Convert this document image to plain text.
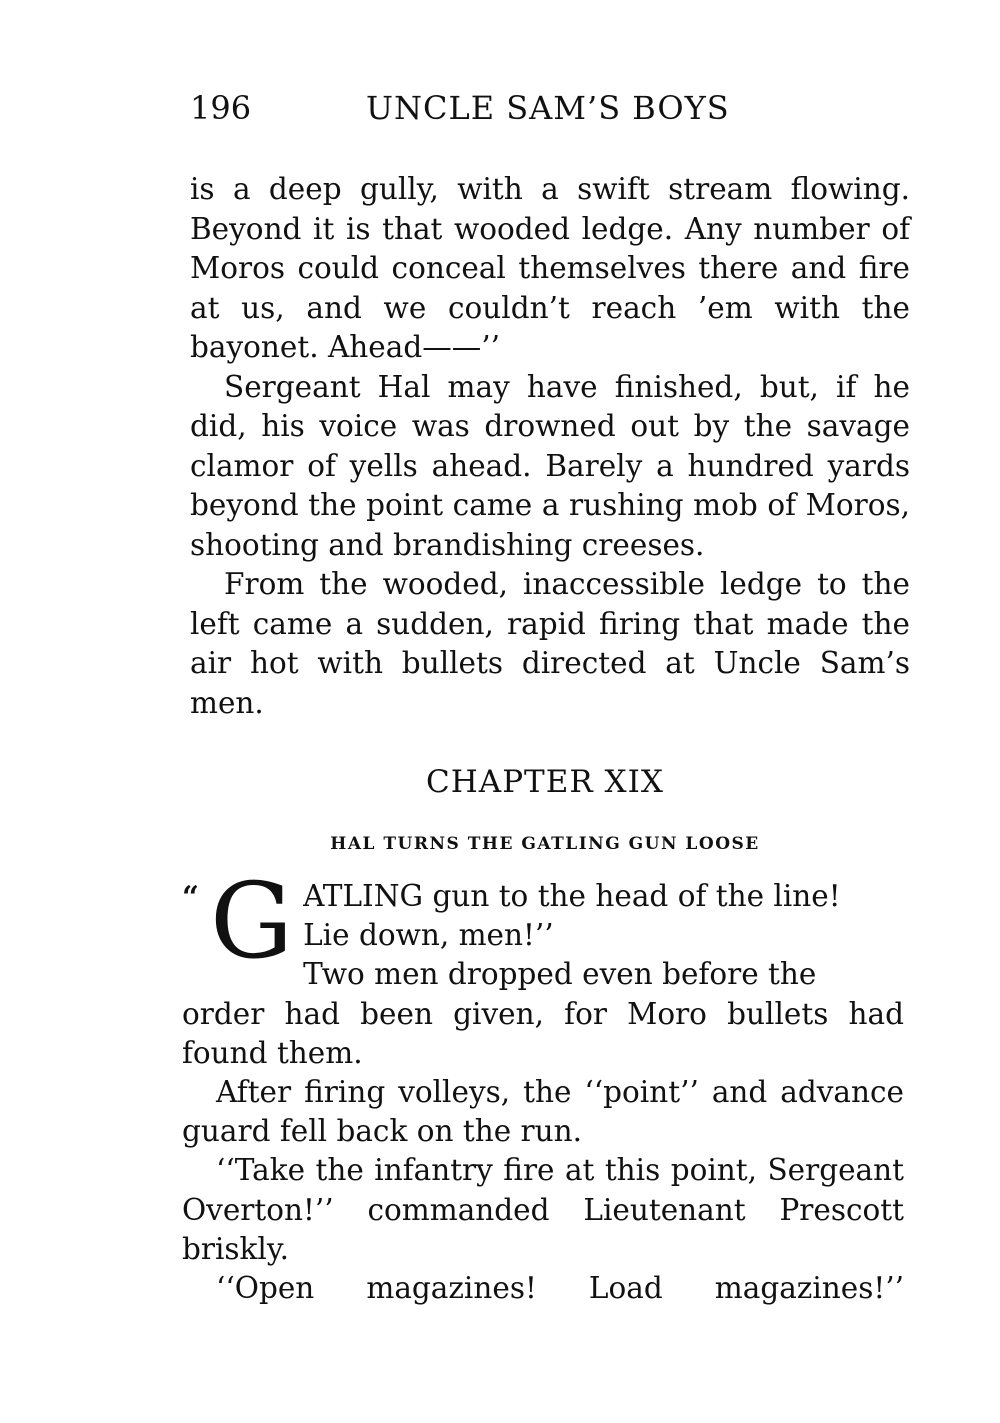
196	UNCLE SAM’S BOYS

is a deep gully, with a swift stream flowing. Beyond it is that wooded ledge. Any number of Moros could conceal themselves there and fire at us, and we couldn’t reach ’em with the bayonet. Ahead——’’

Sergeant Hal may have finished, but, if he did, his voice was drowned out by the savage clamor of yells ahead. Barely a hundred yards beyond the point came a rushing mob of Moros, shooting and brandishing creeses.

From the wooded, inaccessible ledge to the left came a sudden, rapid firing that made the air hot with bullets directed at Uncle Sam’s men.

CHAPTER XIX
HAL TURNS THE GATLING GUN LOOSE
“ G ATLING gun to the head of the line!
Lie down, men!’’
Two men dropped even before the

order had been given, for Moro bullets had found them.

After firing volleys, the ‘‘point’’ and advance guard fell back on the run.

‘‘Take the infantry fire at this point, Sergeant Overton!’’ commanded Lieutenant Prescott briskly.

‘‘Open magazines! Load magazines!’’
